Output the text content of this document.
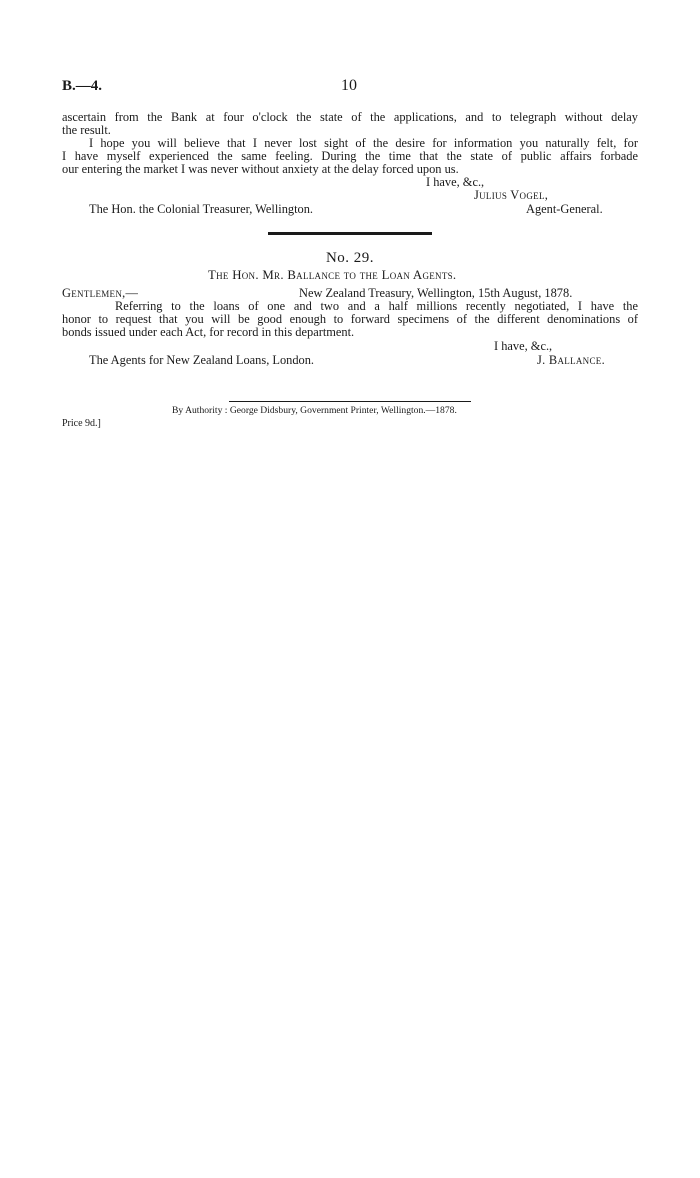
B.—4.	10
ascertain from the Bank at four o'clock the state of the applications, and to telegraph without delay
the result.
I hope you will believe that I never lost sight of the desire for information you naturally felt, for
I have myself experienced the same feeling. During the time that the state of public affairs forbade
our entering the market I was never without anxiety at the delay forced upon us.
I have, &c.,
Julius Vogel,
The Hon. the Colonial Treasurer, Wellington.	Agent-General.
No. 29.
The Hon. Mr. Ballance to the Loan Agents.
Gentlemen,—	New Zealand Treasury, Wellington, 15th August, 1878.
Referring to the loans of one and two and a half millions recently negotiated, I have the
honor to request that you will be good enough to forward specimens of the different denominations of
bonds issued under each Act, for record in this department.
I have, &c.,
The Agents for New Zealand Loans, London.	J. Ballance.
By Authority : George Didsbury, Government Printer, Wellington.—1878.
Price 9d.]
